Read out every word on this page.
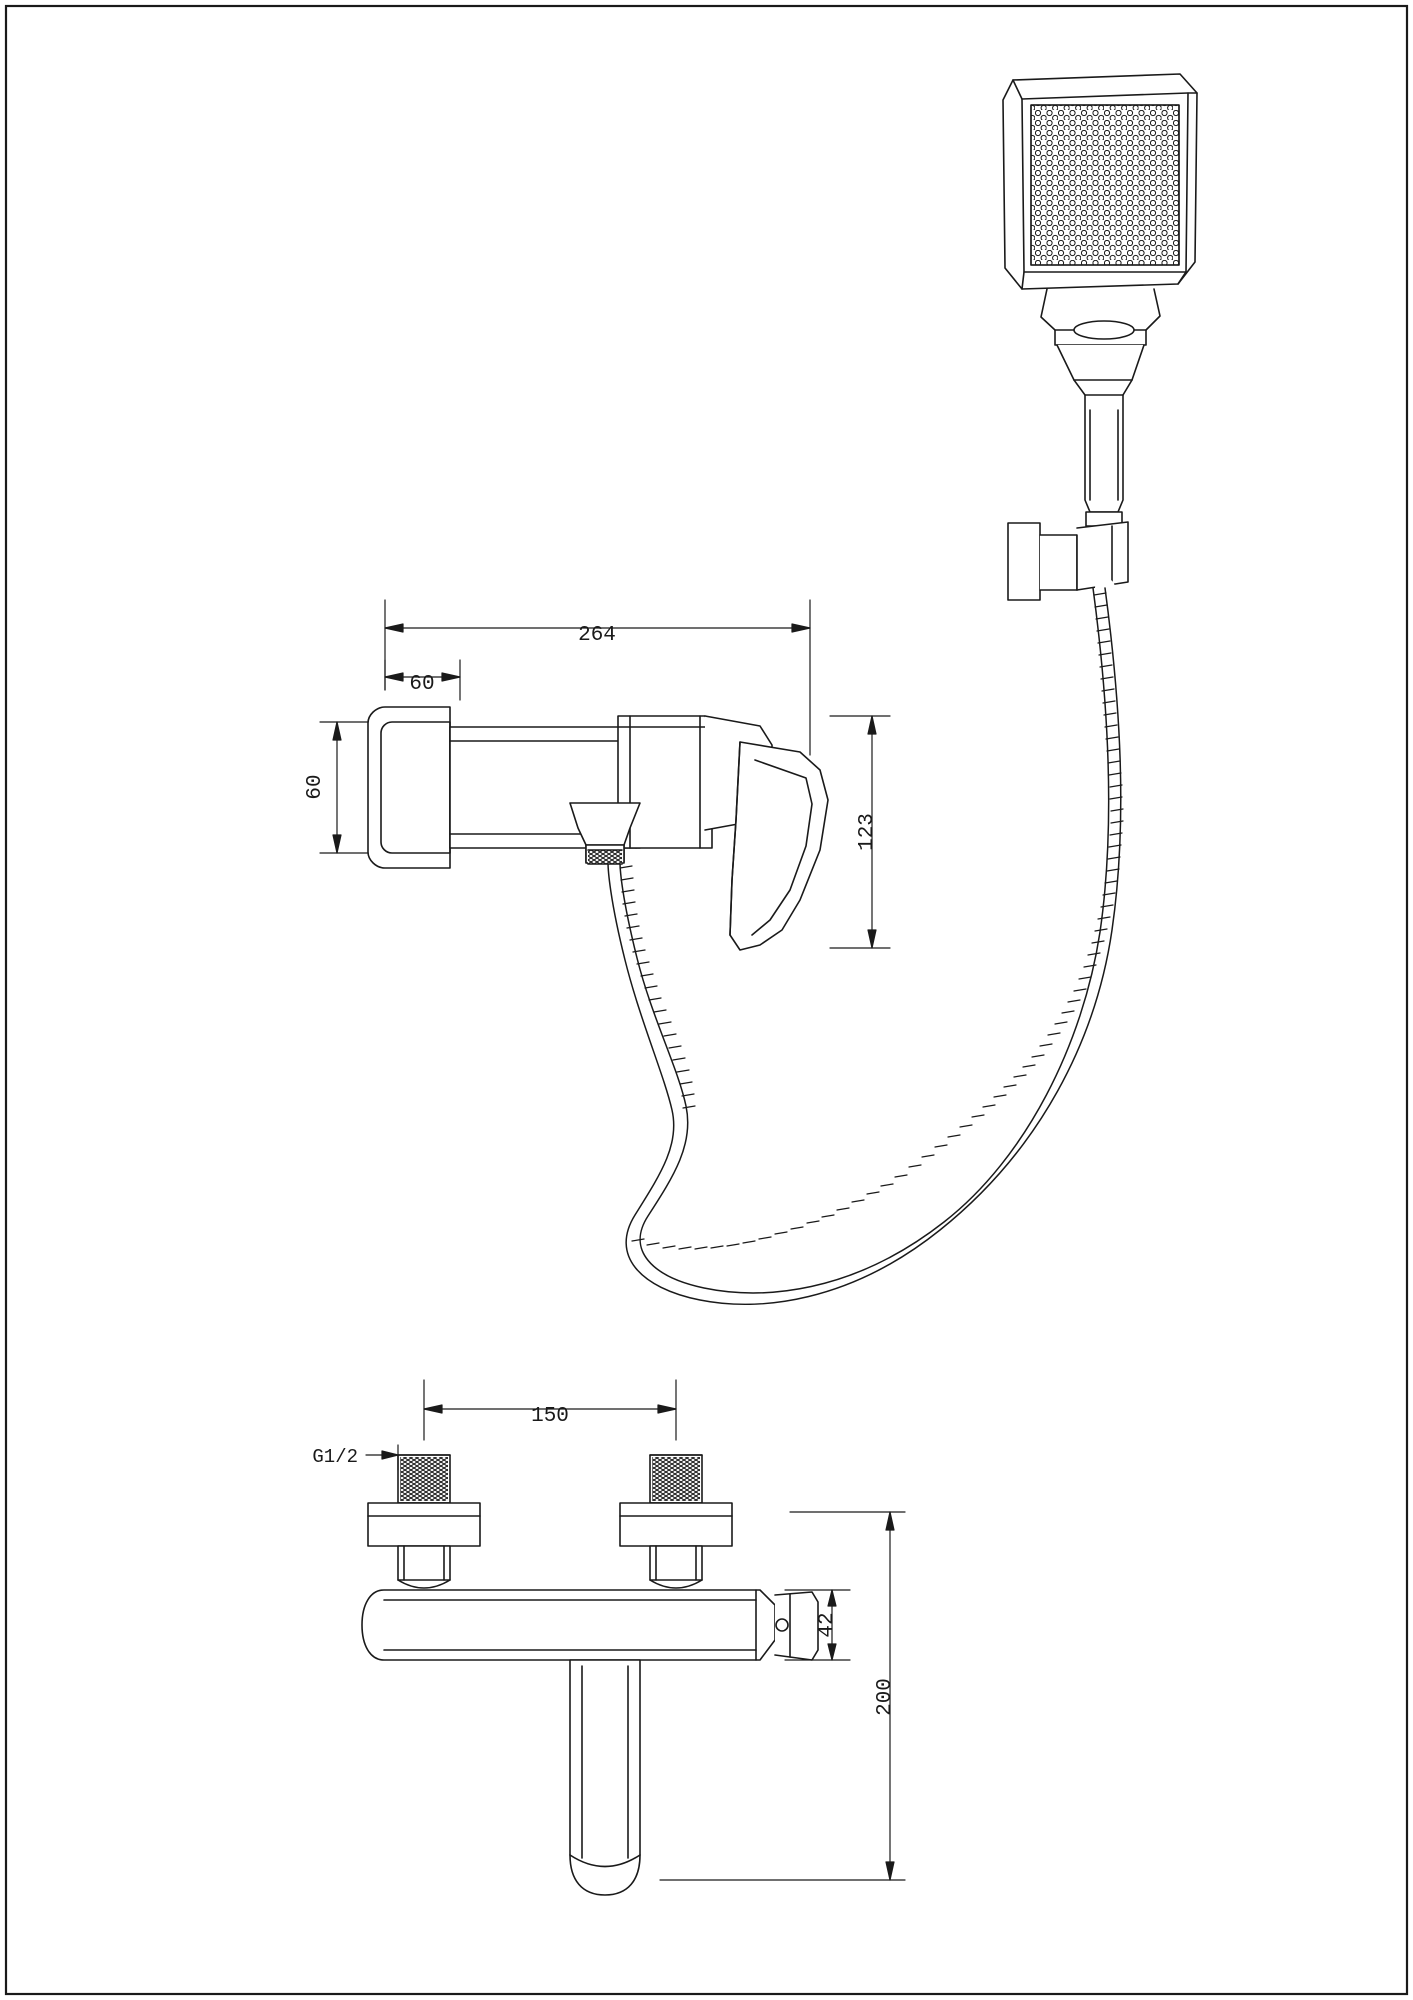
264
60
60
123
150
G1/2
42
200
